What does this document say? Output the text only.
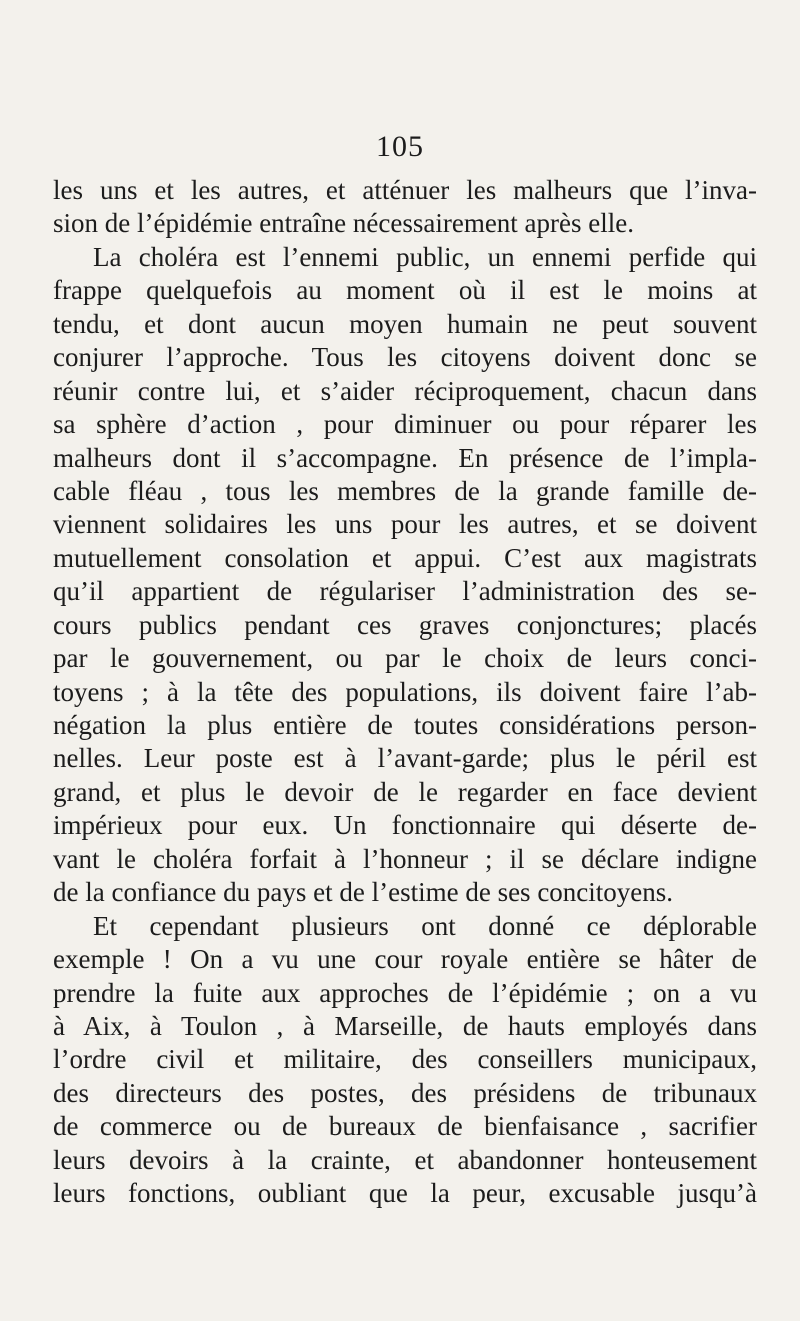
105
les uns et les autres, et atténuer les malheurs que l’inva-
sion de l’épidémie entraîne nécessairement après elle.
La choléra est l’ennemi public, un ennemi perfide qui
frappe quelquefois au moment où il est le moins at
tendu, et dont aucun moyen humain ne peut souvent
conjurer l’approche. Tous les citoyens doivent donc se
réunir contre lui, et s’aider réciproquement, chacun dans
sa sphère d’action , pour diminuer ou pour réparer les
malheurs dont il s’accompagne. En présence de l’impla-
cable fléau , tous les membres de la grande famille de-
viennent solidaires les uns pour les autres, et se doivent
mutuellement consolation et appui. C’est aux magistrats
qu’il appartient de régulariser l’administration des se-
cours publics pendant ces graves conjonctures; placés
par le gouvernement, ou par le choix de leurs conci-
toyens ; à la tête des populations, ils doivent faire l’ab-
négation la plus entière de toutes considérations person-
nelles. Leur poste est à l’avant-garde; plus le péril est
grand, et plus le devoir de le regarder en face devient
impérieux pour eux. Un fonctionnaire qui déserte de-
vant le choléra forfait à l’honneur ; il se déclare indigne
de la confiance du pays et de l’estime de ses concitoyens.
Et cependant plusieurs ont donné ce déplorable
exemple ! On a vu une cour royale entière se hâter de
prendre la fuite aux approches de l’épidémie ; on a vu
à Aix, à Toulon , à Marseille, de hauts employés dans
l’ordre civil et militaire, des conseillers municipaux,
des directeurs des postes, des présidens de tribunaux
de commerce ou de bureaux de bienfaisance , sacrifier
leurs devoirs à la crainte, et abandonner honteusement
leurs fonctions, oubliant que la peur, excusable jusqu’à
